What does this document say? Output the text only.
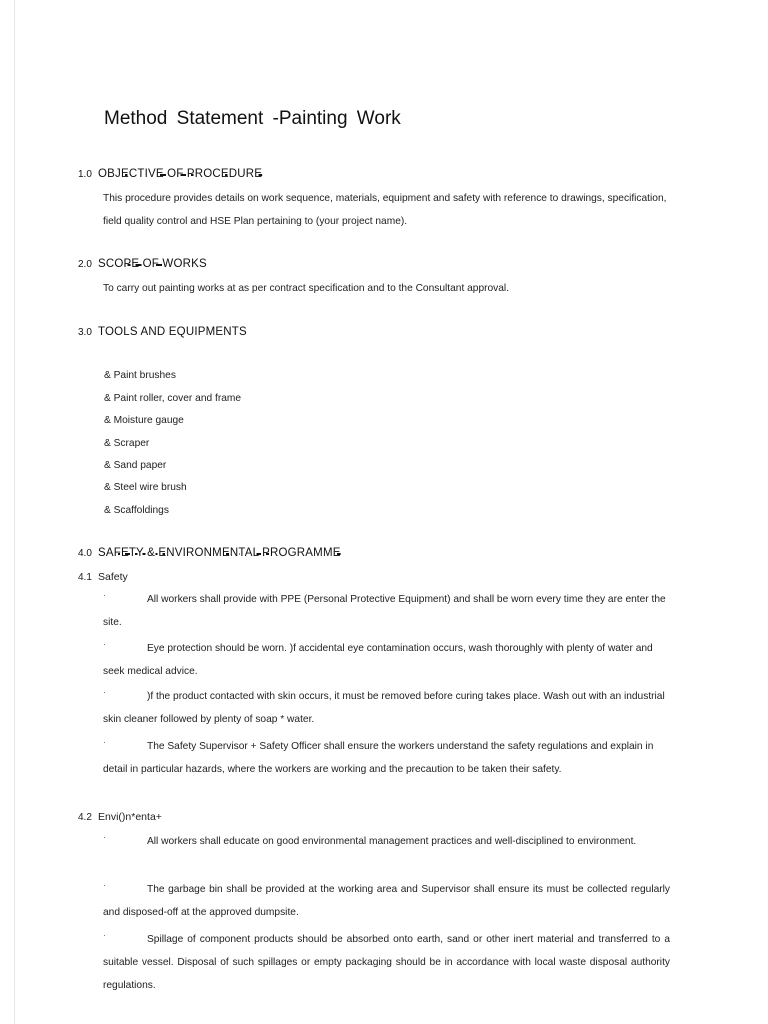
Method Statement -Painting Work
1.0 OBJECTIVE OF PROCEDURE
This procedure provides details on work sequence, materials, equipment and safety with reference to drawings, specification, field quality control and HSE Plan pertaining to (your project name).
2.0 SCOPE OF WORKS
To carry out painting works at as per contract specification and to the Consultant approval.
3.0 TOOLS AND EQUIPMENTS
& Paint brushes
& Paint roller, cover and frame
& Moisture gauge
& Scraper
& Sand paper
& Steel wire brush
& Scaffoldings
4.0 SAFETY & ENVIRONMENTAL PROGRAMME
4.1 Safety
·	All workers shall provide with PPE (Personal Protective Equipment) and shall be worn every time they are enter the site.
·	Eye protection should be worn. )f accidental eye contamination occurs, wash thoroughly with plenty of water and seek medical advice.
·	)f the product contacted with skin occurs, it must be removed before curing takes place. Wash out with an industrial skin cleaner followed by plenty of soap * water.
·	The Safety Supervisor + Safety Officer shall ensure the workers understand the safety regulations and explain in detail in particular hazards, where the workers are working and the precaution to be taken their safety.
4.2 Envi()n*enta+
·	All workers shall educate on good environmental management practices and well-disciplined to environment.
·	The garbage bin shall be provided at the working area and Supervisor shall ensure its must be collected regularly and disposed-off at the approved dumpsite.
·	Spillage of component products should be absorbed onto earth, sand or other inert material and transferred to a suitable vessel. Disposal of such spillages or empty packaging should be in accordance with local waste disposal authority regulations.
